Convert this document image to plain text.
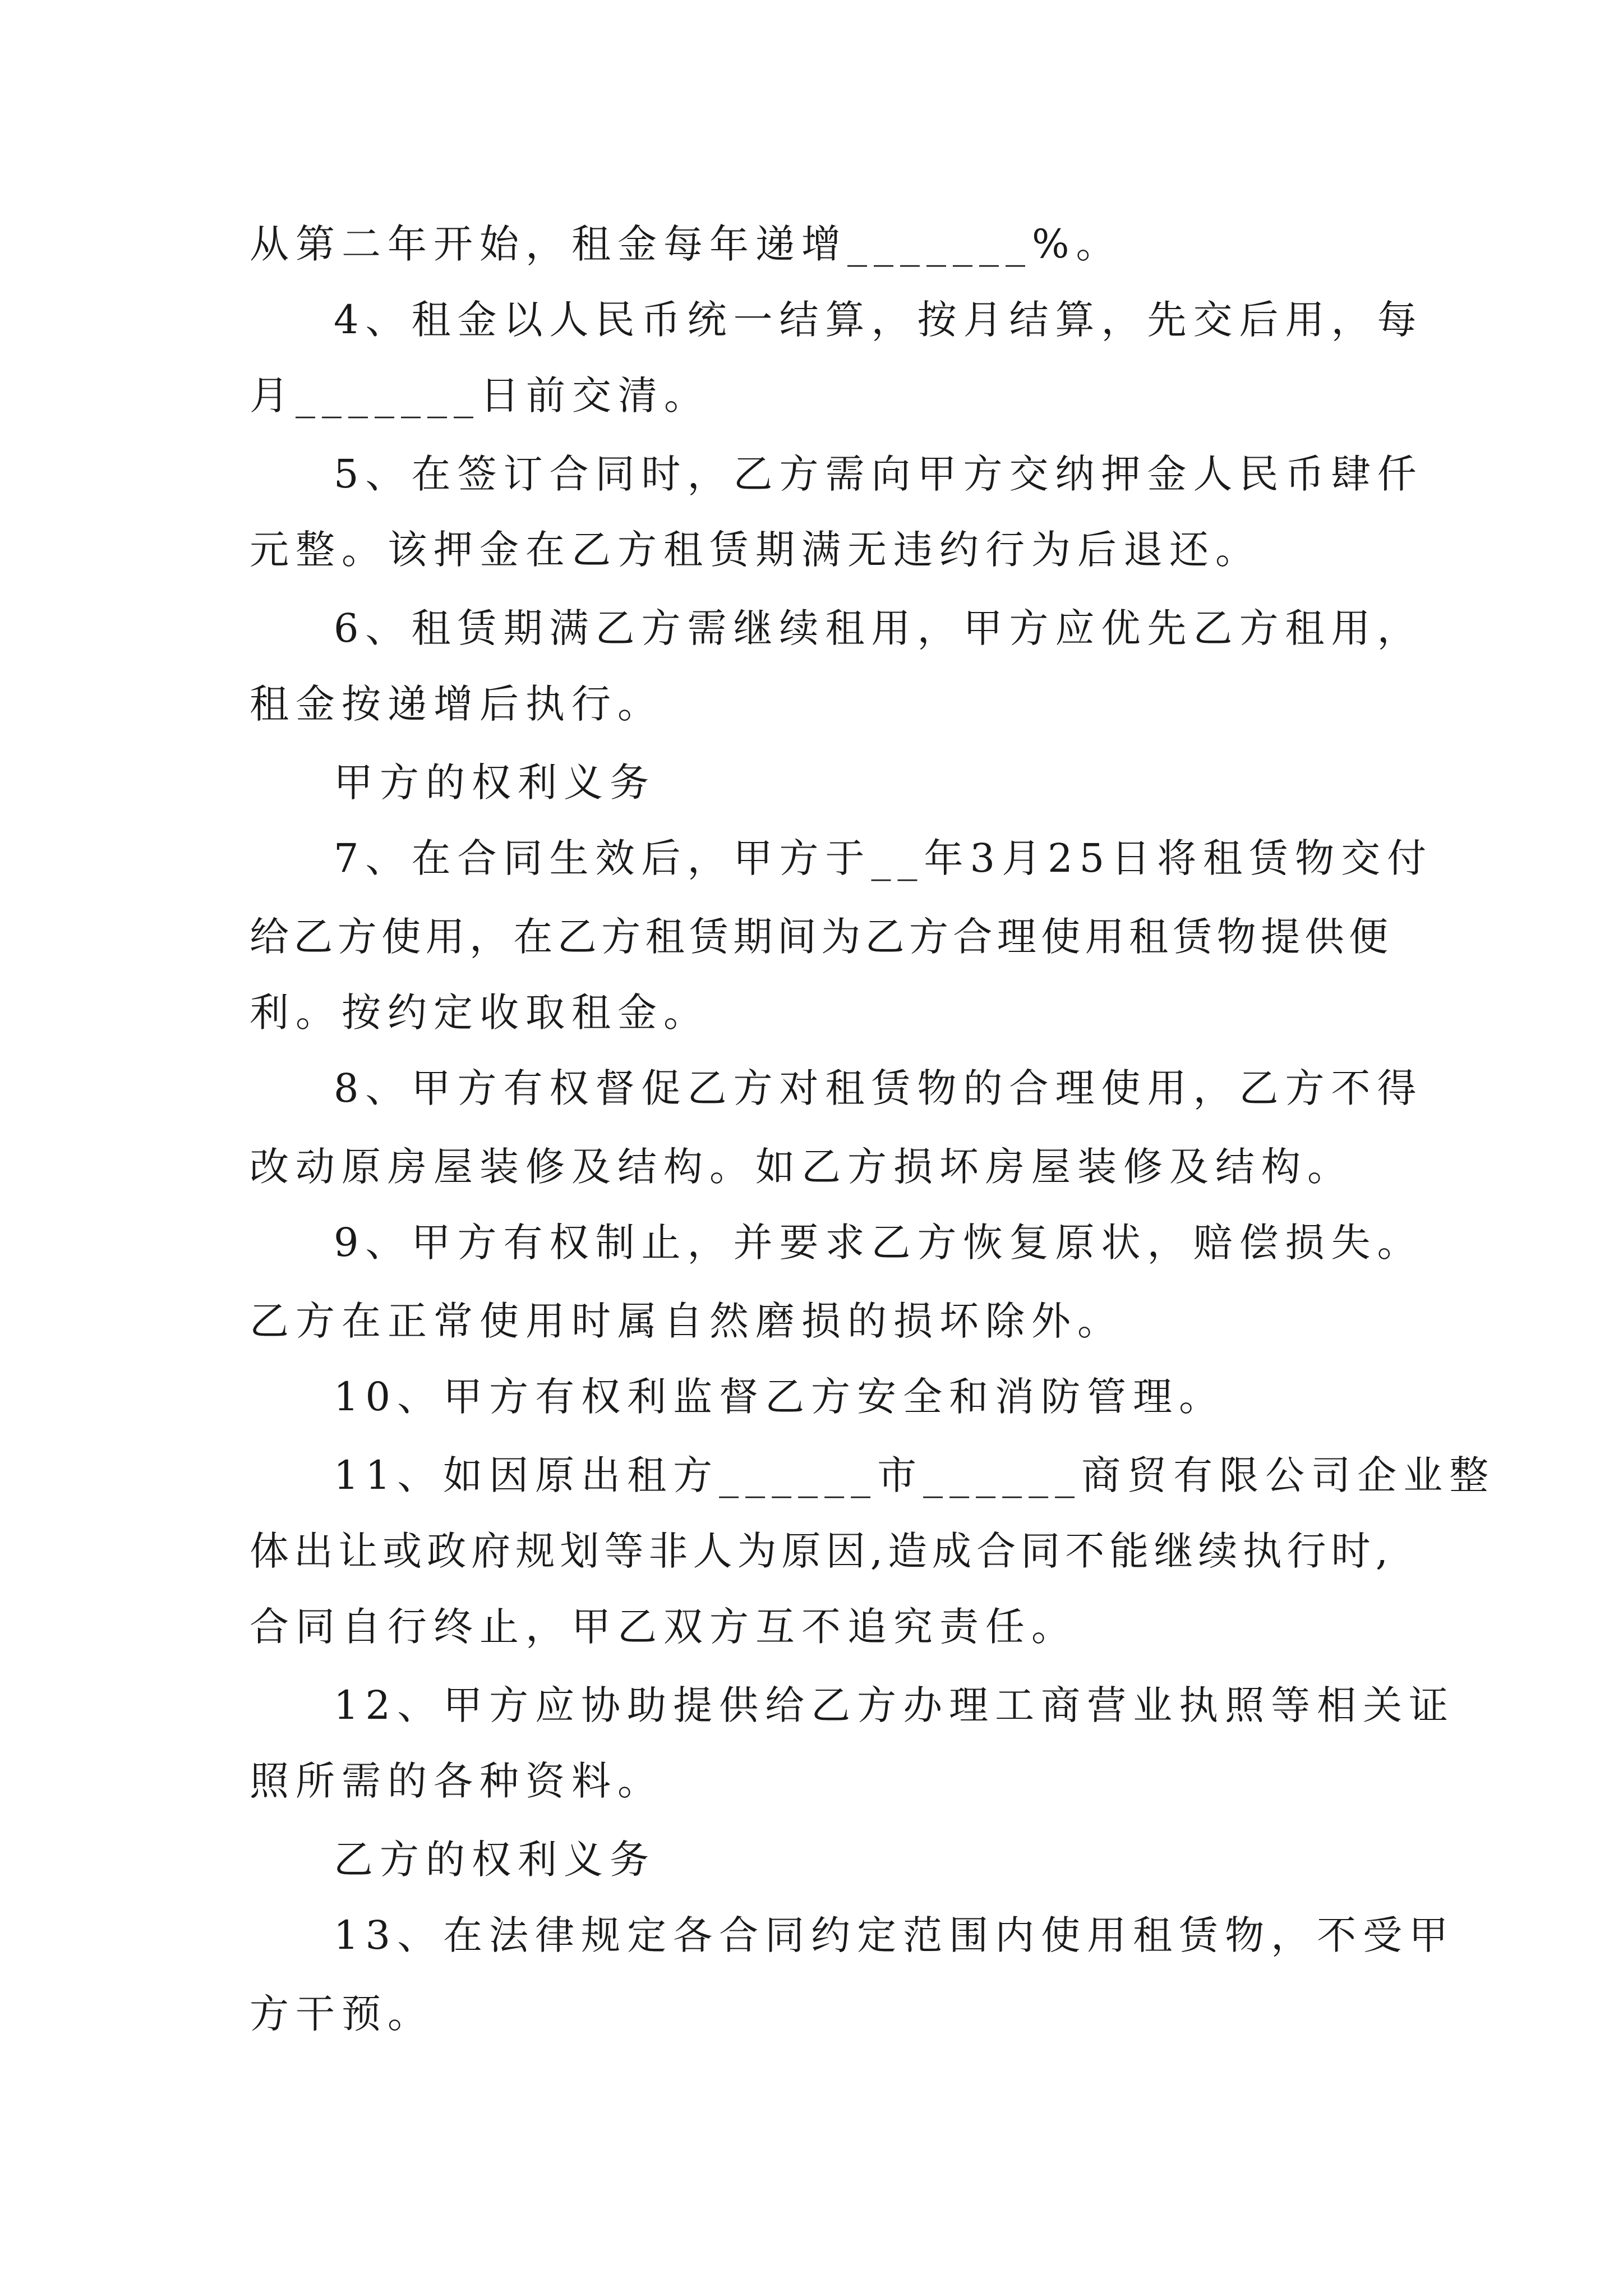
从第二年开始，租金每年递增_______%。

4、租金以人民币统一结算，按月结算，先交后用，每

月_______日前交清。

5、在签订合同时，乙方需向甲方交纳押金人民币肆仟

元整。该押金在乙方租赁期满无违约行为后退还。

6、租赁期满乙方需继续租用，甲方应优先乙方租用，

租金按递增后执行。

甲方的权利义务

7、在合同生效后，甲方于__年3月25日将租赁物交付

给乙方使用，在乙方租赁期间为乙方合理使用租赁物提供便

利。按约定收取租金。

8、甲方有权督促乙方对租赁物的合理使用，乙方不得

改动原房屋装修及结构。如乙方损坏房屋装修及结构。

9、甲方有权制止，并要求乙方恢复原状，赔偿损失。

乙方在正常使用时属自然磨损的损坏除外。

10、甲方有权利监督乙方安全和消防管理。

11、如因原出租方______市______商贸有限公司企业整

体出让或政府规划等非人为原因,造成合同不能继续执行时,

合同自行终止，甲乙双方互不追究责任。

12、甲方应协助提供给乙方办理工商营业执照等相关证

照所需的各种资料。

乙方的权利义务

13、在法律规定各合同约定范围内使用租赁物，不受甲

方干预。
